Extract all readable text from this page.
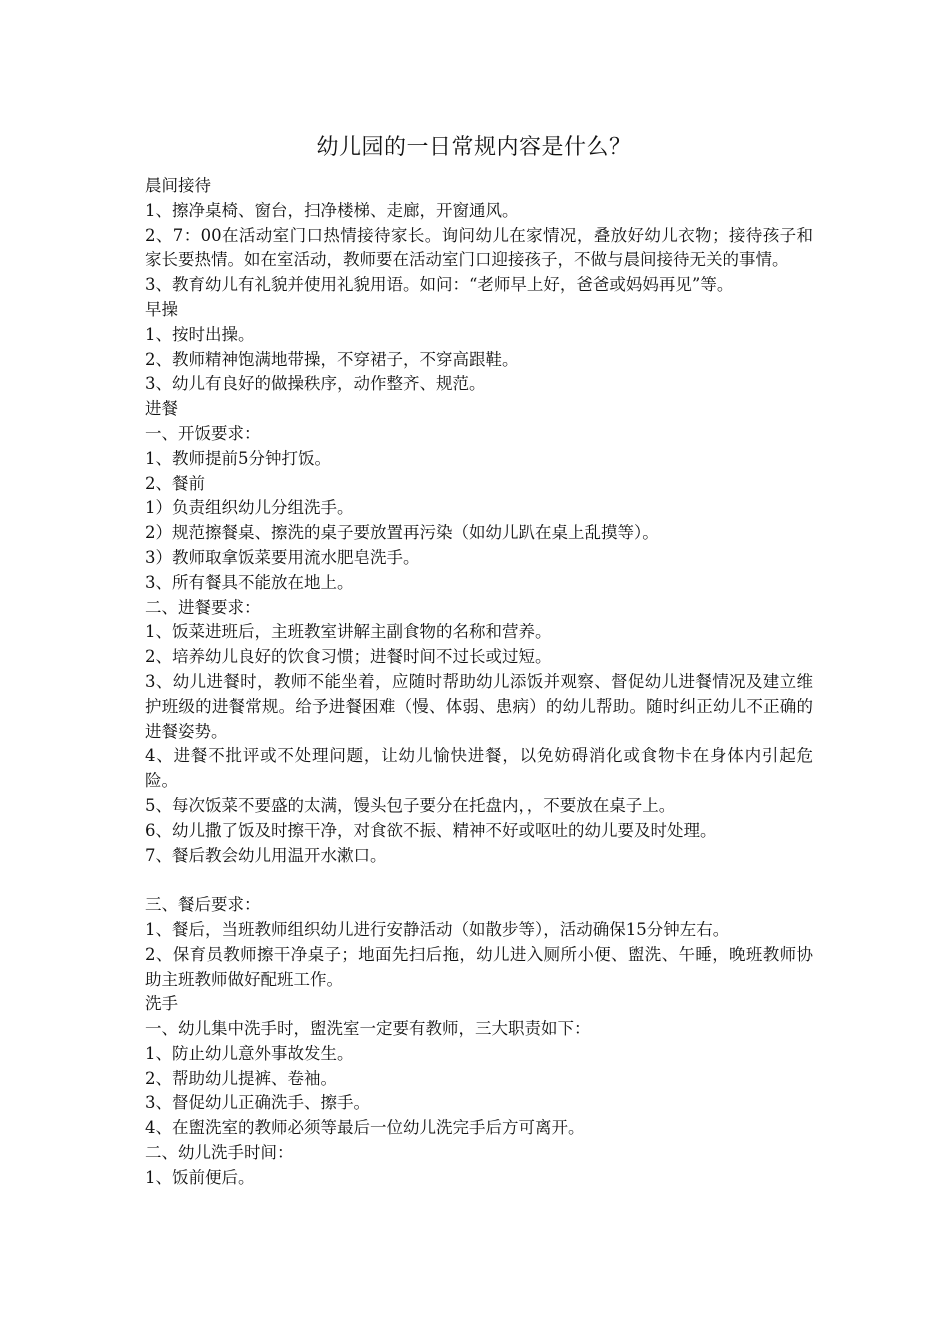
幼儿园的一日常规内容是什么？
晨间接待
1、擦净桌椅、窗台，扫净楼梯、走廊，开窗通风。
2、7：00在活动室门口热情接待家长。询问幼儿在家情况，叠放好幼儿衣物；接待孩子和家长要热情。如在室活动，教师要在活动室门口迎接孩子，不做与晨间接待无关的事情。
3、教育幼儿有礼貌并使用礼貌用语。如问：“老师早上好，爸爸或妈妈再见”等。
早操
1、按时出操。
2、教师精神饱满地带操，不穿裙子，不穿高跟鞋。
3、幼儿有良好的做操秩序，动作整齐、规范。
进餐
一、开饭要求：
1、教师提前5分钟打饭。
2、餐前
1）负责组织幼儿分组洗手。
2）规范擦餐桌、擦洗的桌子要放置再污染（如幼儿趴在桌上乱摸等）。
3）教师取拿饭菜要用流水肥皂洗手。
3、所有餐具不能放在地上。
二、进餐要求：
1、饭菜进班后，主班教室讲解主副食物的名称和营养。
2、培养幼儿良好的饮食习惯；进餐时间不过长或过短。
3、幼儿进餐时，教师不能坐着，应随时帮助幼儿添饭并观察、督促幼儿进餐情况及建立维护班级的进餐常规。给予进餐困难（慢、体弱、患病）的幼儿帮助。随时纠正幼儿不正确的进餐姿势。
4、进餐不批评或不处理问题，让幼儿愉快进餐，以免妨碍消化或食物卡在身体内引起危险。
5、每次饭菜不要盛的太满，馒头包子要分在托盘内，，不要放在桌子上。
6、幼儿撒了饭及时擦干净，对食欲不振、精神不好或呕吐的幼儿要及时处理。
7、餐后教会幼儿用温开水漱口。
三、餐后要求：
1、餐后，当班教师组织幼儿进行安静活动（如散步等），活动确保15分钟左右。
2、保育员教师擦干净桌子；地面先扫后拖，幼儿进入厕所小便、盥洗、午睡，晚班教师协助主班教师做好配班工作。
洗手
一、幼儿集中洗手时，盥洗室一定要有教师，三大职责如下：
1、防止幼儿意外事故发生。
2、帮助幼儿提裤、卷袖。
3、督促幼儿正确洗手、擦手。
4、在盥洗室的教师必须等最后一位幼儿洗完手后方可离开。
二、幼儿洗手时间：
1、饭前便后。
